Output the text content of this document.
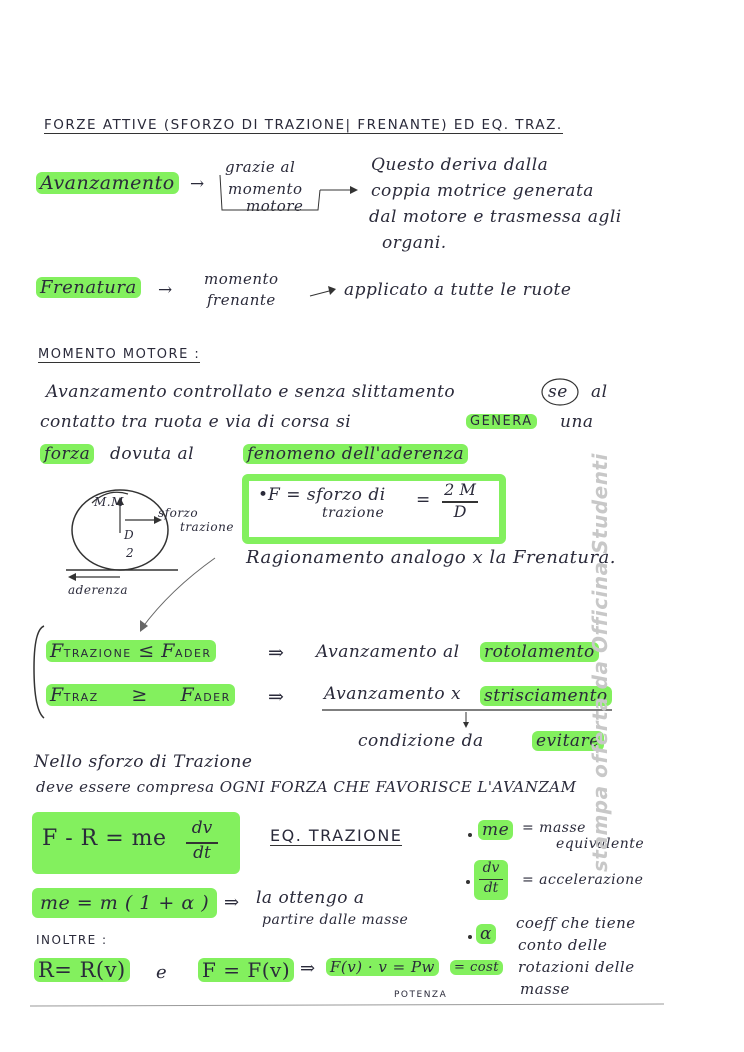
FORZE ATTIVE (SFORZO DI TRAZIONE| FRENANTE) ED EQ. TRAZ.
Avanzamento →
grazie al
momento
motore
Questo deriva dalla
coppia motrice generata
dal motore e trasmessa agli
organi.
Frenatura →
momento
frenante	applicato a tutte le ruote
MOMENTO MOTORE :
Avanzamento controllato e senza slittamento	se al
contatto tra ruota e via di corsa si	GENERA una
forza dovuta al	fenomeno dell'aderenza
M.M
sforzo
trazione
D
2
aderenza
• F = sforzo di
trazione
=
2 M
D
Ragionamento analogo x la Frenatura.
FTRAZIONE ≤ FADER	⇒ Avanzamento al rotolamento
FTRAZ ≥ FADER ⇒ Avanzamento x strisciamento
condizione da	evitare
Nello sforzo di Trazione
deve essere compresa OGNI FORZA CHE FAVORISCE L'AVANZAM
F - R = me	dv
dt
EQ. TRAZIONE	me = masse
equivalente
dv
dt	= accelerazione
α
coeff che tiene
conto delle
rotazioni delle
masse
me = m ( 1 + α ) ⇒ la ottengo a
partire dalle masse
INOLTRE :
R= R(v) e F = F(v) ⇒ F(v) · v = Pw	= cost
POTENZA
stampa offerta da Officina Studenti
